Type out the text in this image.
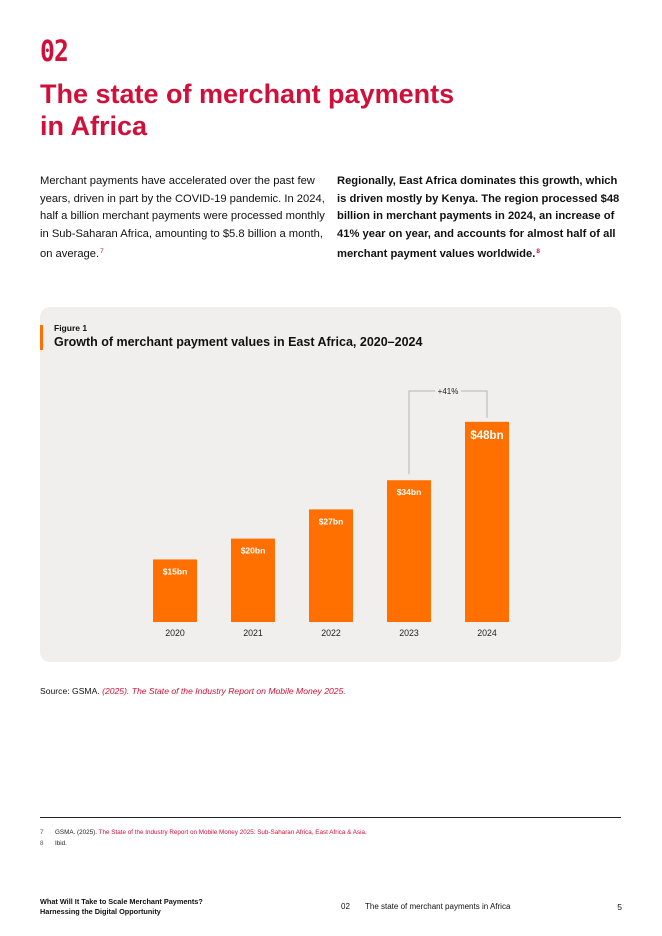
02
The state of merchant payments in Africa
Merchant payments have accelerated over the past few years, driven in part by the COVID-19 pandemic. In 2024, half a billion merchant payments were processed monthly in Sub-Saharan Africa, amounting to $5.8 billion a month, on average.$^7$
Regionally, East Africa dominates this growth, which is driven mostly by Kenya. The region processed $48 billion in merchant payments in 2024, an increase of 41% year on year, and accounts for almost half of all merchant payment values worldwide.$^8$
Figure 1
Growth of merchant payment values in East Africa, 2020–2024
$15bn
2020
$20bn
2021
$27bn
2022
$34bn
2023
$48bn
2024
+41%
Source: GSMA. (2025). The State of the Industry Report on Mobile Money 2025.
7 GSMA. (2025). The State of the Industry Report on Mobile Money 2025: Sub-Saharan Africa, East Africa & Asia.
8 Ibid.
What Will It Take to Scale Merchant Payments?
Harnessing the Digital Opportunity	02 The state of merchant payments in Africa	5
